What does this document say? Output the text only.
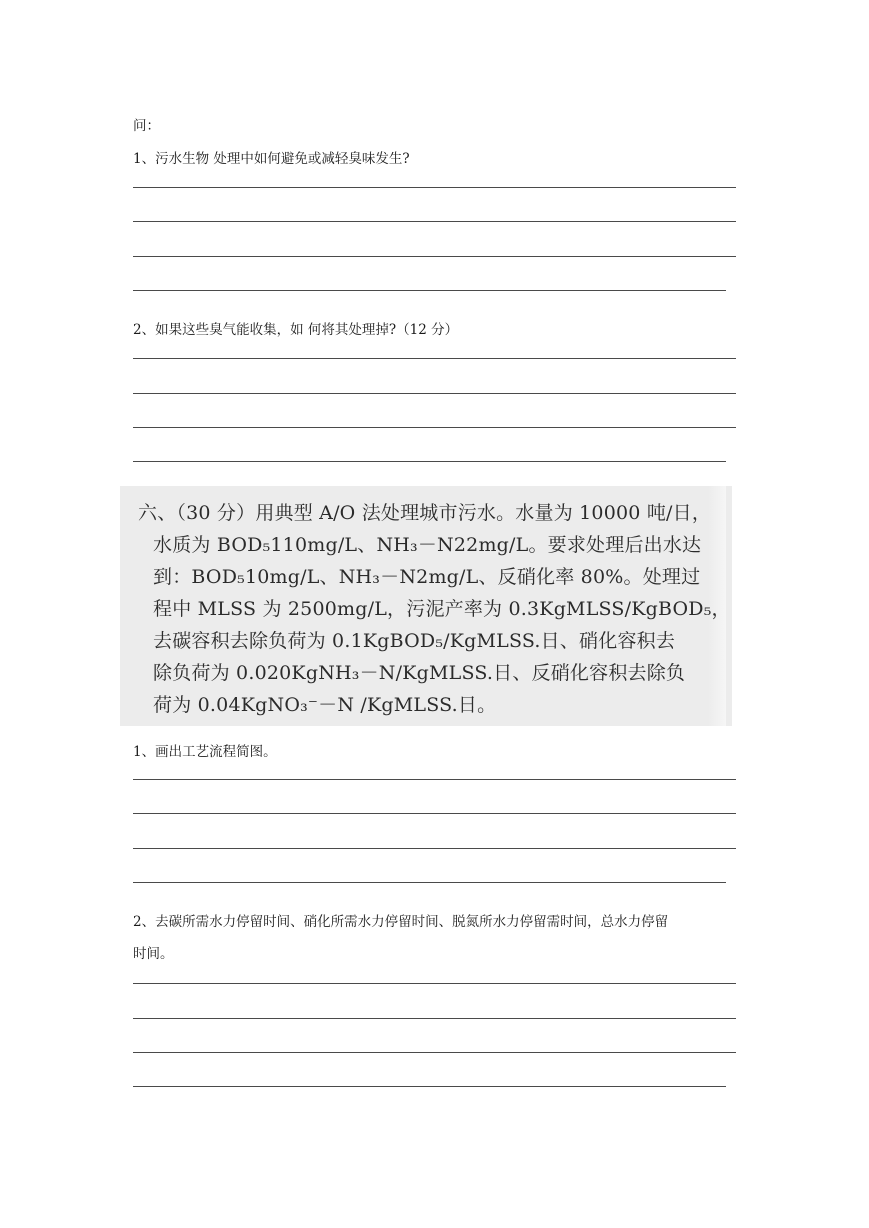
问：
1、污水生物 处理中如何避免或减轻臭味发生?
2、如果这些臭气能收集，如 何将其处理掉?（12 分）
六、（30 分）用典型 A/O 法处理城市污水。水量为 10000 吨/日，
水质为 BOD₅110mg/L、NH₃－N22mg/L。要求处理后出水达
到：BOD₅10mg/L、NH₃－N2mg/L、反硝化率 80%。处理过
程中 MLSS 为 2500mg/L，污泥产率为 0.3KgMLSS/KgBOD₅，
去碳容积去除负荷为 0.1KgBOD₅/KgMLSS.日、硝化容积去
除负荷为 0.020KgNH₃－N/KgMLSS.日、反硝化容积去除负
荷为 0.04KgNO₃⁻－N /KgMLSS.日。
1、画出工艺流程简图。
2、去碳所需水力停留时间、硝化所需水力停留时间、脱氮所水力停留需时间，总水力停留
时间。
